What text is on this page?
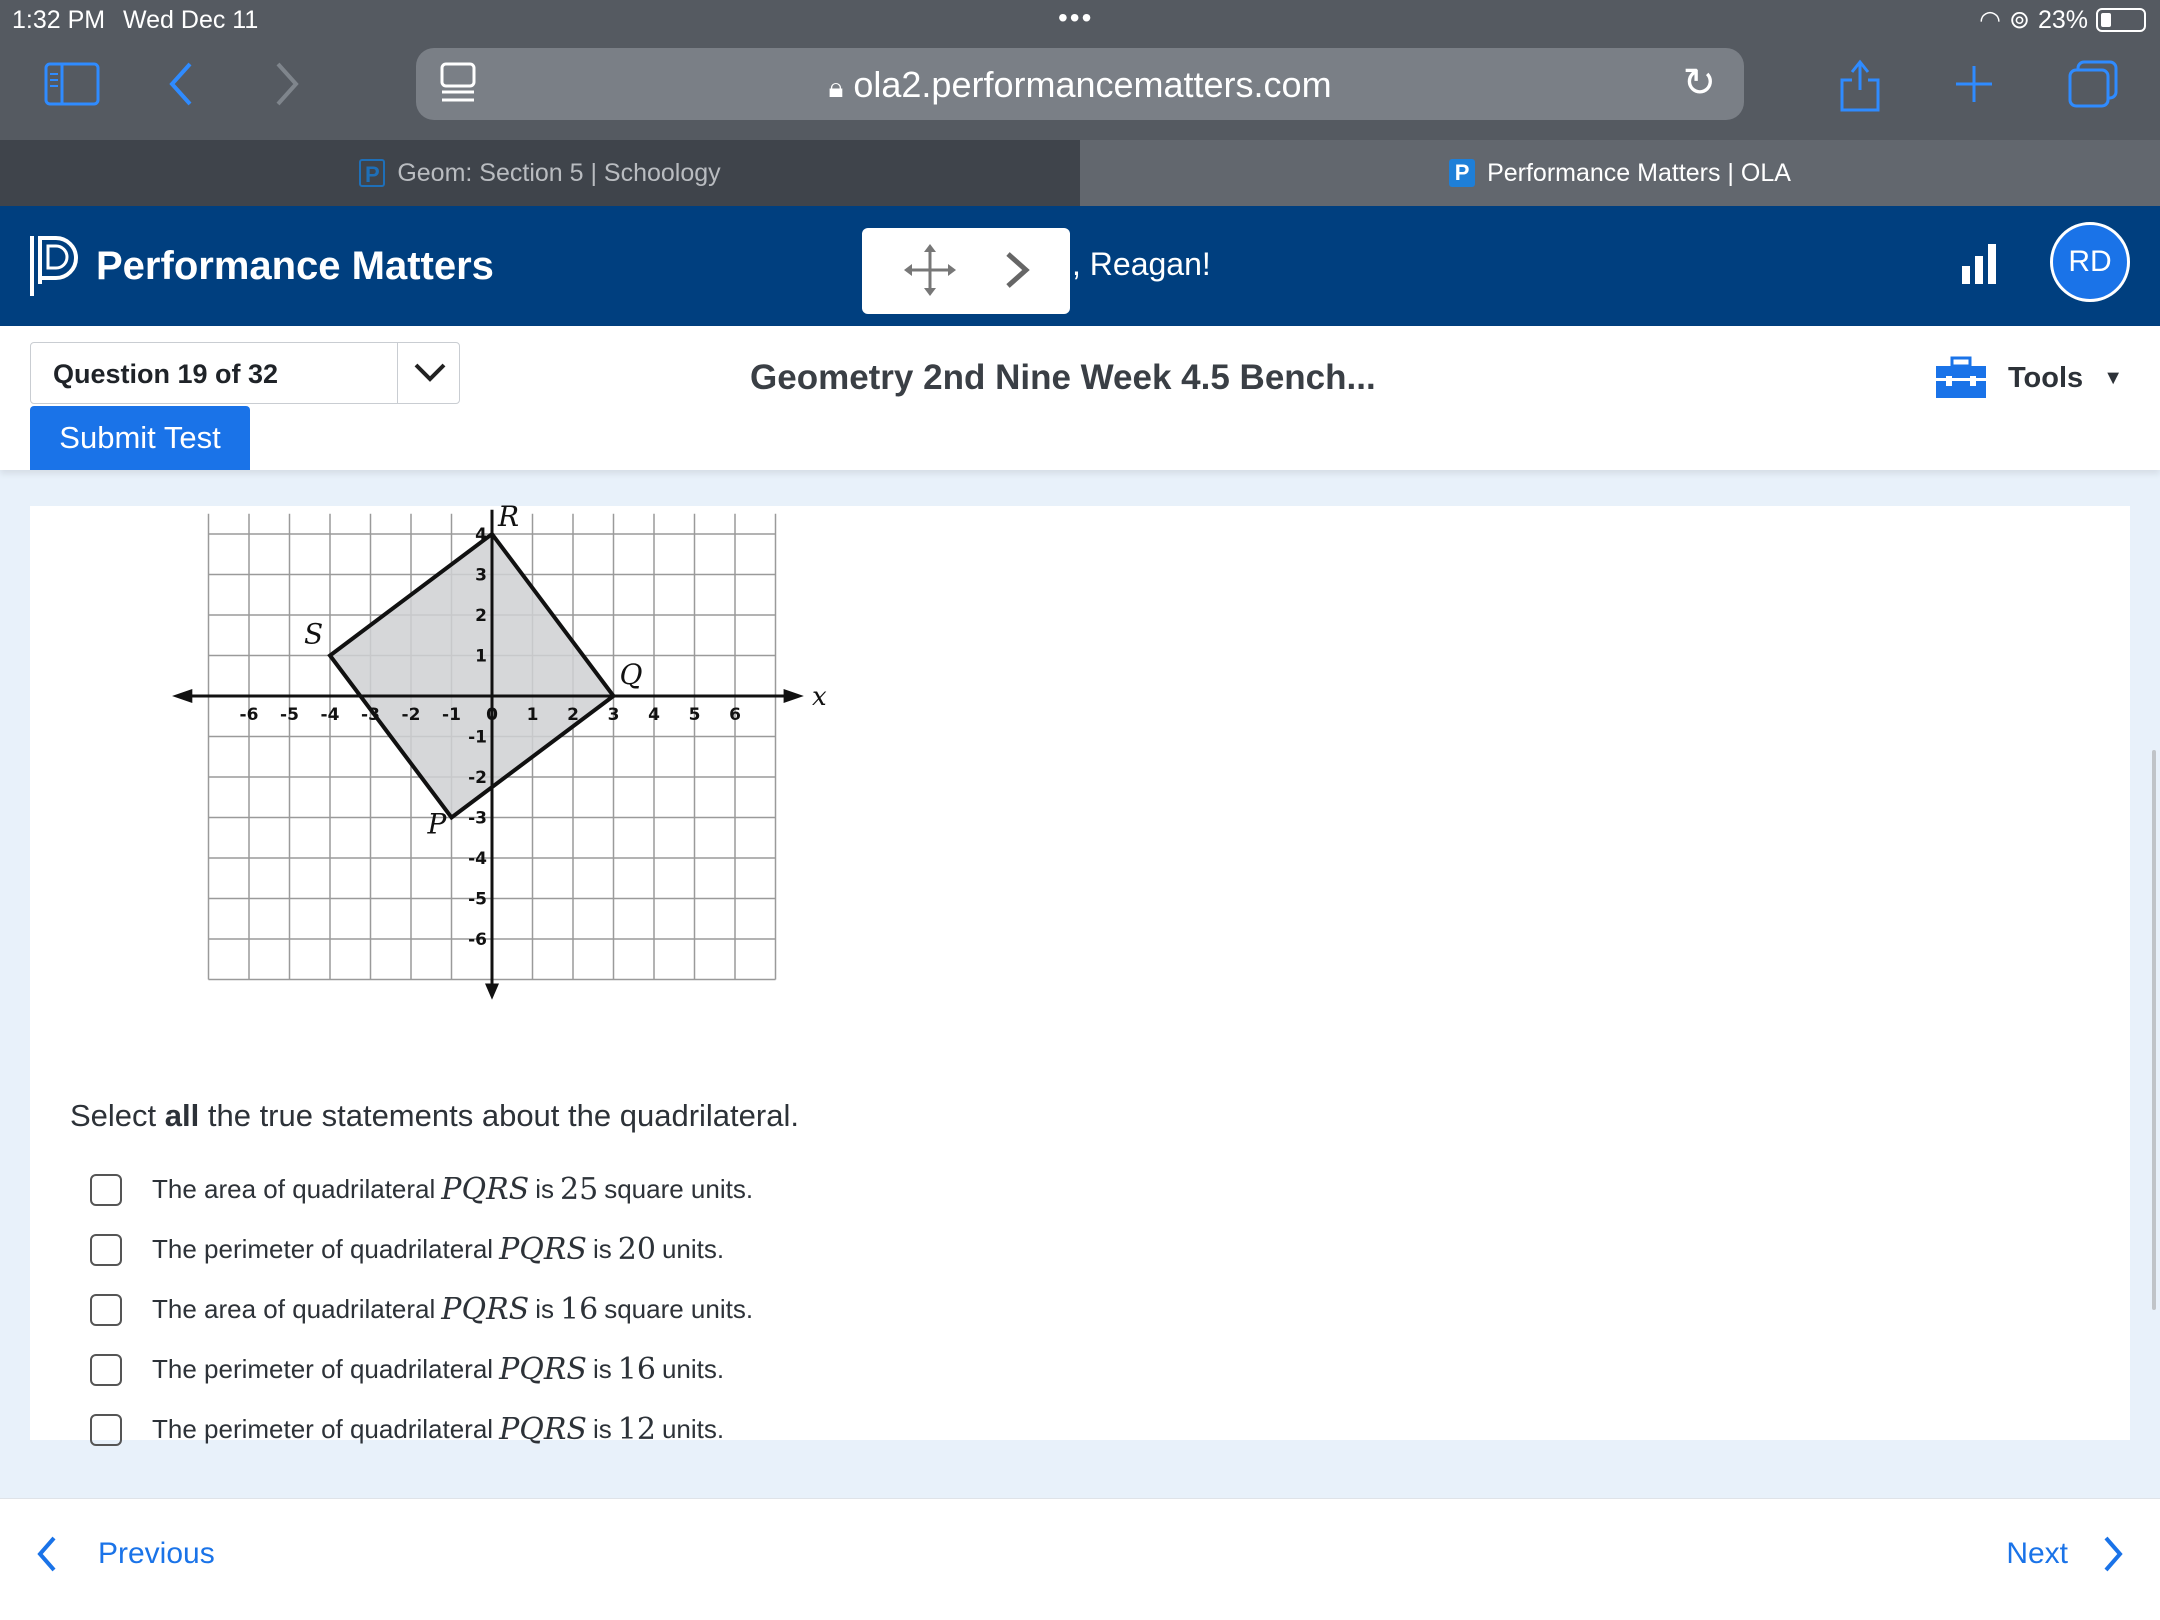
1:32 PM Wed Dec 11	•••	◠ ⊚ 23%
🔒︎ ola2.performancematters.com	↻
P Geom: Section 5 | Schoology	P Performance Matters | OLA
Performance Matters	, Reagan!	RD
Question 19 of 32
Submit Test
Geometry 2nd Nine Week 4.5 Bench...	Tools ▼
x
-6 -5 -4 -3 -2 -1 0 1 2 3 4 5 6
4
3
2
1
-1
-2
-3
-4
-5
-6
P
Q
R
S
Select all the true statements about the quadrilateral.
The area of quadrilateral PQRS is 25 square units.
The perimeter of quadrilateral PQRS is 20 units.
The area of quadrilateral PQRS is 16 square units.
The perimeter of quadrilateral PQRS is 16 units.
The perimeter of quadrilateral PQRS is 12 units.
Previous	Next
